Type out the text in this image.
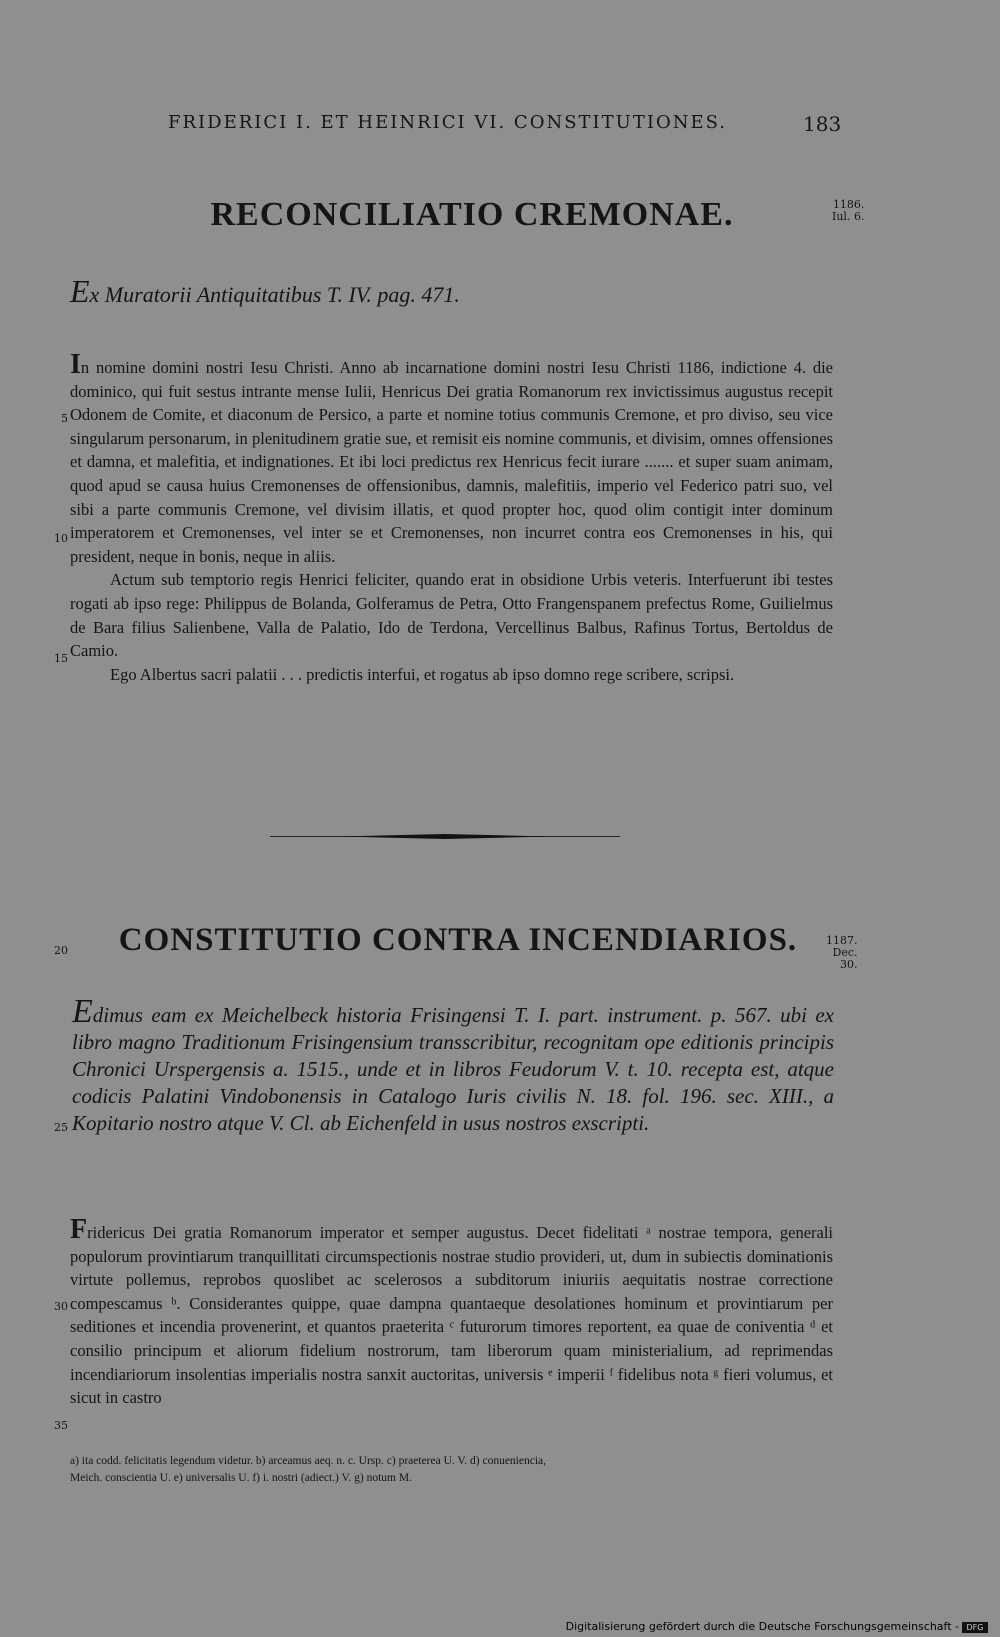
FRIDERICI I. ET HEINRICI VI. CONSTITUTIONES.	183
RECONCILIATIO CREMONAE.	1186.
Iul. 6.
Ex Muratorii Antiquitatibus T. IV. pag. 471.

In nomine domini nostri Iesu Christi. Anno ab incarnatione domini nostri Iesu Christi 1186, indictione 4. die dominico, qui fuit sestus intrante mense Iulii, Henricus Dei gratia Romanorum rex invictissimus augustus recepit Odonem de Comite, et diaconum de Persico, a parte et nomine totius communis Cremone, et pro diviso, seu vice singularum personarum, in plenitudinem gratie sue, et remisit eis nomine communis, et divisim, omnes offensiones et damna, et malefitia, et indignationes. Et ibi loci predictus rex Henricus fecit iurare ....... et super suam animam, quod apud se causa huius Cremonenses de offensionibus, damnis, malefitiis, imperio vel Federico patri suo, vel sibi a parte communis Cremone, vel divisim illatis, et quod propter hoc, quod olim contigit inter dominum imperatorem et Cremonenses, vel inter se et Cremonenses, non incurret contra eos Cremonenses in his, qui president, neque in bonis, neque in aliis.

Actum sub temptorio regis Henrici feliciter, quando erat in obsidione Urbis veteris. Interfuerunt ibi testes rogati ab ipso rege: Philippus de Bolanda, Golferamus de Petra, Otto Frangenspanem prefectus Rome, Guilielmus de Bara filius Salienbene, Valla de Palatio, Ido de Terdona, Vercellinus Balbus, Rafinus Tortus, Bertoldus de Camio.

Ego Albertus sacri palatii . . . predictis interfui, et rogatus ab ipso domno rege scribere, scripsi.

5
10
15
20	CONSTITUTIO CONTRA INCENDIARIOS.	1187.
Dec.
30.

Edimus eam ex Meichelbeck historia Frisingensi T. I. part. instrument. p. 567. ubi ex libro magno Traditionum Frisingensium transscribitur, recognitam ope editionis principis Chronici Urspergensis a. 1515., unde et in libros Feudorum V. t. 10. recepta est, atque codicis Palatini Vindobonensis in Catalogo Iuris civilis N. 18. fol. 196. sec. XIII., a Kopitario nostro atque V. Cl. ab Eichenfeld in usus nostros exscripti.

25

Fridericus Dei gratia Romanorum imperator et semper augustus. Decet fidelitati ᵃ nostrae tempora, generali populorum provintiarum tranquillitati circumspectionis nostrae studio provideri, ut, dum in subiectis dominationis virtute pollemus, reprobos quoslibet ac scelerosos a subditorum iniuriis aequitatis nostrae correctione compescamus ᵇ. Considerantes quippe, quae dampna quantaeque desolationes hominum et provintiarum per seditiones et incendia provenerint, et quantos praeterita ᶜ futurorum timores reportent, ea quae de coniventia ᵈ et consilio principum et aliorum fidelium nostrorum, tam liberorum quam ministerialium, ad reprimendas incendiariorum insolentias imperialis nostra sanxit auctoritas, universis ᵉ imperii ᶠ fidelibus nota ᵍ fieri volumus, et sicut in castro

30
35

a) ita codd. felicitatis legendum videtur. b) arceamus aeq. n. c. Ursp. c) praeterea U. V. d) conueniencia,

Meich. conscientia U. e) universalis U. f) i. nostri (adiect.) V. g) notum M.

Digitalisierung gefördert durch die Deutsche Forschungsgemeinschaft - DFG
